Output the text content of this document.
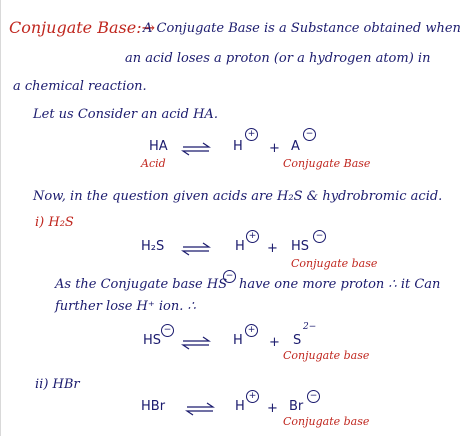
Conjugate Base:→
A Conjugate Base is a Substance obtained when
an acid loses a proton (or a hydrogen atom) in
a chemical reaction.
Let us Consider an acid HA.
HA ⇌ H
+
+ A
−
Acid	Conjugate Base
Now, in the question given acids are H₂S & hydrobromic acid.
i) H₂S
H₂S ⇌ H
+
+ HS
−
Conjugate base
As the Conjugate base HS
−
have one more proton ∴ it Can
further lose H⁺ ion. ∴
HS
−
⇌ H
+
+ S
2−
Conjugate base
ii) HBr
HBr ⇌ H
+
+ Br
−
Conjugate base
